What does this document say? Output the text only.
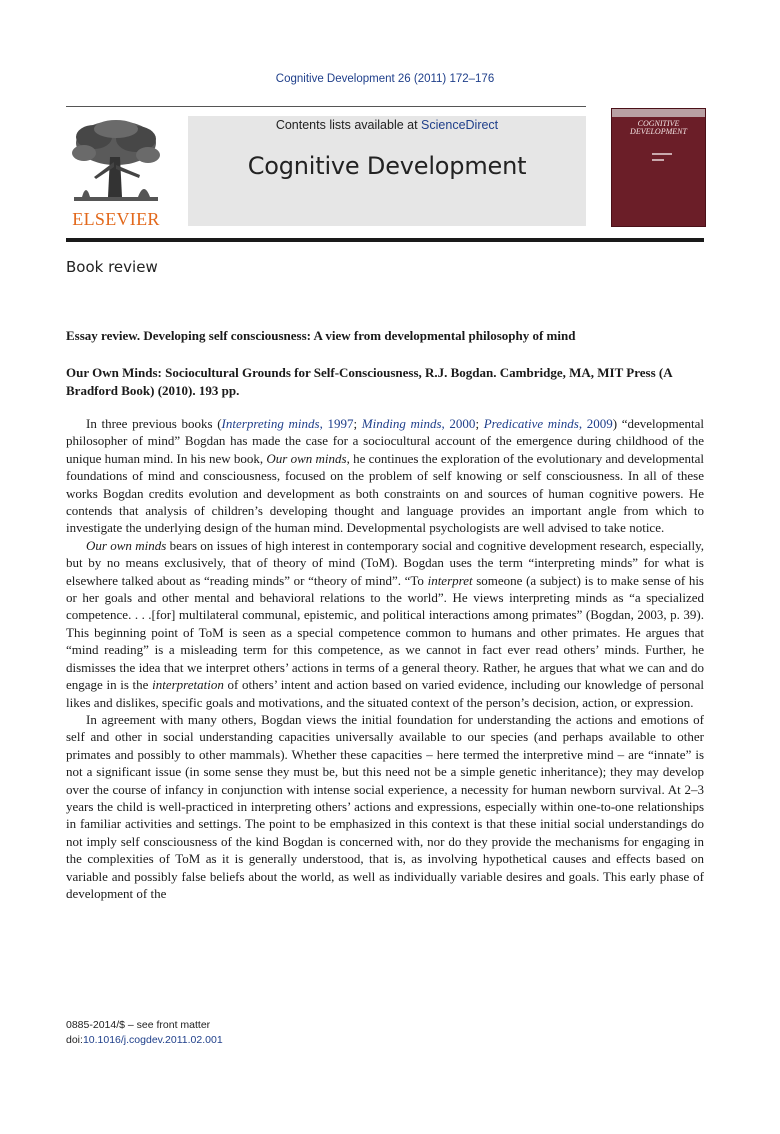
Cognitive Development 26 (2011) 172–176
ELSEVIER
Contents lists available at ScienceDirect
Cognitive Development
COGNITIVE DEVELOPMENT
Book review
Essay review. Developing self consciousness: A view from developmental philosophy of mind
Our Own Minds: Sociocultural Grounds for Self-Consciousness, R.J. Bogdan. Cambridge, MA, MIT Press (A Bradford Book) (2010). 193 pp.

In three previous books (Interpreting minds, 1997; Minding minds, 2000; Predicative minds, 2009) “developmental philosopher of mind” Bogdan has made the case for a sociocultural account of the emergence during childhood of the unique human mind. In his new book, Our own minds, he continues the exploration of the evolutionary and developmental foundations of mind and consciousness, focused on the problem of self knowing or self consciousness. In all of these works Bogdan credits evolution and development as both constraints on and sources of human cognitive powers. He contends that analysis of children’s developing thought and language provides an important angle from which to investigate the underlying design of the human mind. Developmental psychologists are well advised to take notice.

Our own minds bears on issues of high interest in contemporary social and cognitive development research, especially, but by no means exclusively, that of theory of mind (ToM). Bogdan uses the term “interpreting minds” for what is elsewhere talked about as “reading minds” or “theory of mind”. “To interpret someone (a subject) is to make sense of his or her goals and other mental and behavioral relations to the world”. He views interpreting minds as “a specialized competence. . . .[for] multilateral communal, epistemic, and political interactions among primates” (Bogdan, 2003, p. 39). This beginning point of ToM is seen as a special competence common to humans and other primates. He argues that “mind reading” is a misleading term for this competence, as we cannot in fact ever read others’ minds. Further, he dismisses the idea that we interpret others’ actions in terms of a general theory. Rather, he argues that what we can and do engage in is the interpretation of others’ intent and action based on varied evidence, including our knowledge of personal likes and dislikes, specific goals and motivations, and the situated context of the person’s decision, action, or expression.

In agreement with many others, Bogdan views the initial foundation for understanding the actions and emotions of self and other in social understanding capacities universally available to our species (and perhaps available to other primates and possibly to other mammals). Whether these capacities – here termed the interpretive mind – are “innate” is not a significant issue (in some sense they must be, but this need not be a simple genetic inheritance); they may develop over the course of infancy in conjunction with intense social experience, a necessity for human newborn survival. At 2–3 years the child is well-practiced in interpreting others’ actions and expressions, especially within one-to-one relationships in familiar activities and settings. The point to be emphasized in this context is that these initial social understandings do not imply self consciousness of the kind Bogdan is concerned with, nor do they provide the mechanisms for engaging in the complexities of ToM as it is generally understood, that is, as involving hypothetical causes and effects based on variable and possibly false beliefs about the world, as well as individually variable desires and goals. This early phase of development of the

0885-2014/$ – see front matter
doi:10.1016/j.cogdev.2011.02.001
